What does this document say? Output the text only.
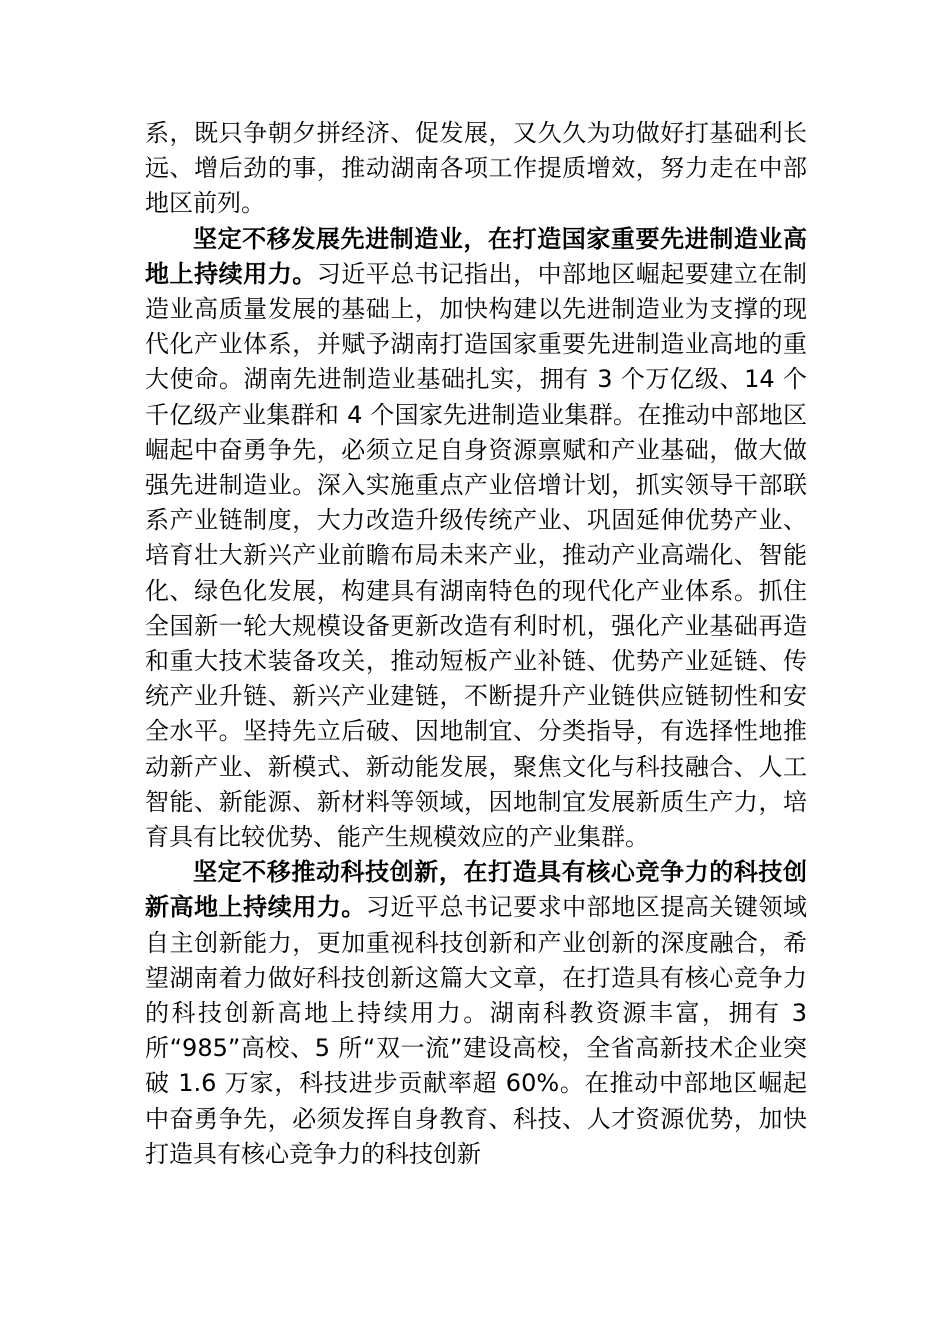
系，既只争朝夕拼经济、促发展，又久久为功做好打基础利长远、增后劲的事，推动湖南各项工作提质增效，努力走在中部地区前列。

坚定不移发展先进制造业，在打造国家重要先进制造业高地上持续用力。习近平总书记指出，中部地区崛起要建立在制造业高质量发展的基础上，加快构建以先进制造业为支撑的现代化产业体系，并赋予湖南打造国家重要先进制造业高地的重大使命。湖南先进制造业基础扎实，拥有 3 个万亿级、14 个千亿级产业集群和 4 个国家先进制造业集群。在推动中部地区崛起中奋勇争先，必须立足自身资源禀赋和产业基础，做大做强先进制造业。深入实施重点产业倍增计划，抓实领导干部联系产业链制度，大力改造升级传统产业、巩固延伸优势产业、培育壮大新兴产业前瞻布局未来产业，推动产业高端化、智能化、绿色化发展，构建具有湖南特色的现代化产业体系。抓住全国新一轮大规模设备更新改造有利时机，强化产业基础再造和重大技术装备攻关，推动短板产业补链、优势产业延链、传统产业升链、新兴产业建链，不断提升产业链供应链韧性和安全水平。坚持先立后破、因地制宜、分类指导，有选择性地推动新产业、新模式、新动能发展，聚焦文化与科技融合、人工智能、新能源、新材料等领域，因地制宜发展新质生产力，培育具有比较优势、能产生规模效应的产业集群。

坚定不移推动科技创新，在打造具有核心竞争力的科技创新高地上持续用力。习近平总书记要求中部地区提高关键领域自主创新能力，更加重视科技创新和产业创新的深度融合，希望湖南着力做好科技创新这篇大文章，在打造具有核心竞争力的科技创新高地上持续用力。湖南科教资源丰富，拥有 3 所“985”高校、5 所“双一流”建设高校，全省高新技术企业突破 1.6 万家，科技进步贡献率超 60%。在推动中部地区崛起中奋勇争先，必须发挥自身教育、科技、人才资源优势，加快打造具有核心竞争力的科技创新
